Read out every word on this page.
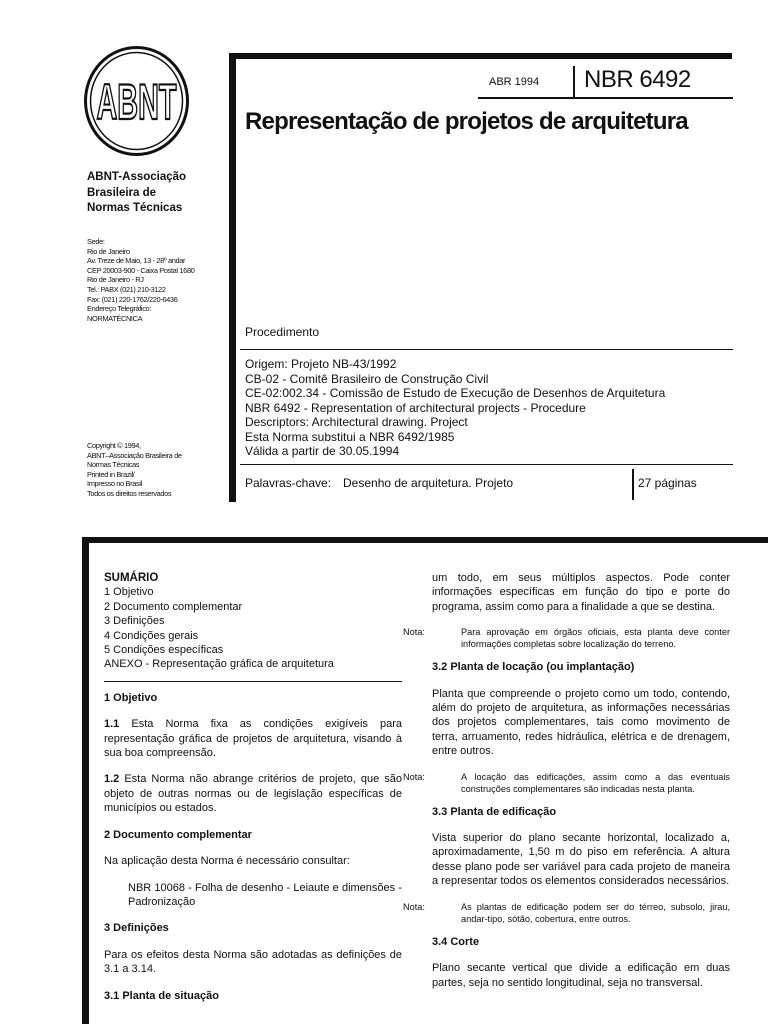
ABNT
ABNT-Associação
Brasileira de
Normas Técnicas
Sede:
Rio de Janeiro
Av. Treze de Maio, 13 - 28º andar
CEP 20003-900 - Caixa Postal 1680
Rio de Janeiro - RJ
Tel.: PABX (021) 210-3122
Fax: (021) 220-1762/220-6436
Endereço Telegráfico:
NORMATÉCNICA
Copyright © 1994,
ABNT–Associação Brasileira de
Normas Técnicas
Printed in Brazil/
Impresso no Brasil
Todos os direitos reservados
ABR 1994 NBR 6492
Representação de projetos de arquitetura
Procedimento
Origem: Projeto NB-43/1992
CB-02 - Comitê Brasileiro de Construção Civil
CE-02:002.34 - Comissão de Estudo de Execução de Desenhos de Arquitetura
NBR 6492 - Representation of architectural projects - Procedure
Descriptors: Architectural drawing. Project
Esta Norma substitui a NBR 6492/1985
Válida a partir de 30.05.1994
Palavras-chave: Desenho de arquitetura. Projeto	27 páginas
SUMÁRIO
1 Objetivo
2 Documento complementar
3 Definições
4 Condições gerais
5 Condições específicas
ANEXO - Representação gráfica de arquitetura
1 Objetivo

1.1 Esta Norma fixa as condições exigíveis para representação gráfica de projetos de arquitetura, visando à sua boa compreensão.

1.2 Esta Norma não abrange critérios de projeto, que são objeto de outras normas ou de legislação específicas de municípios ou estados.

2 Documento complementar

Na aplicação desta Norma é necessário consultar:

NBR 10068 - Folha de desenho - Leiaute e dimensões - Padronização

3 Definições

Para os efeitos desta Norma são adotadas as definições de 3.1 a 3.14.

3.1 Planta de situação

um todo, em seus múltiplos aspectos. Pode conter informações específicas em função do tipo e porte do programa, assim como para a finalidade a que se destina.

Nota:	Para aprovação em órgãos oficiais, esta planta deve conter informações completas sobre localização do terreno.
3.2 Planta de locação (ou implantação)

Planta que compreende o projeto como um todo, contendo, além do projeto de arquitetura, as informações necessárias dos projetos complementares, tais como movimento de terra, arruamento, redes hidráulica, elétrica e de drenagem, entre outros.

Nota:	A locação das edificações, assim como a das eventuais construções complementares são indicadas nesta planta.
3.3 Planta de edificação

Vista superior do plano secante horizontal, localizado a, aproximadamente, 1,50 m do piso em referência. A altura desse plano pode ser variável para cada projeto de maneira a representar todos os elementos considerados necessários.

Nota:	As plantas de edificação podem ser do térreo, subsolo, jirau, andar-tipo, sótão, cobertura, entre outros.
3.4 Corte

Plano secante vertical que divide a edificação em duas partes, seja no sentido longitudinal, seja no transversal.
